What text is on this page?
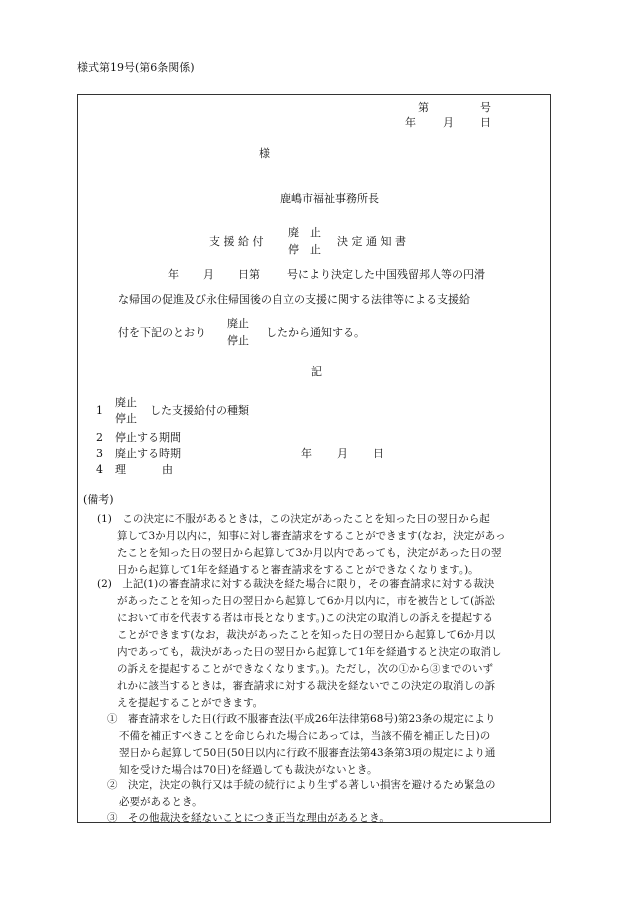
様式第19号(第6条関係)
第	号
年 月 日
様
鹿嶋市福祉事務所長
支 援 給 付
廃　止
停　止
決 定 通 知 書
年 月 日第 号により決定した中国残留邦人等の円滑
な帰国の促進及び永住帰国後の自立の支援に関する法律等による支援給
付を下記のとおり
廃止
停止
したから通知する。
記
1
廃止
停止
した支援給付の種類
2 停止する期間
3 廃止する時期	年 月 日
4 理	由
(備考)
(1)　この決定に不服があるときは，この決定があったことを知った日の翌日から起
算して3か月以内に，知事に対し審査請求をすることができます(なお，決定があっ
たことを知った日の翌日から起算して3か月以内であっても，決定があった日の翌
日から起算して1年を経過すると審査請求をすることができなくなります。)。
(2)　上記(1)の審査請求に対する裁決を経た場合に限り，その審査請求に対する裁決
があったことを知った日の翌日から起算して6か月以内に，市を被告として(訴訟
において市を代表する者は市長となります。)この決定の取消しの訴えを提起する
ことができます(なお，裁決があったことを知った日の翌日から起算して6か月以
内であっても，裁決があった日の翌日から起算して1年を経過すると決定の取消し
の訴えを提起することができなくなります。)。ただし，次の①から③までのいず
れかに該当するときは，審査請求に対する裁決を経ないでこの決定の取消しの訴
えを提起することができます。
①　審査請求をした日(行政不服審査法(平成26年法律第68号)第23条の規定により
不備を補正すべきことを命じられた場合にあっては，当該不備を補正した日)の
翌日から起算して50日(50日以内に行政不服審査法第43条第3項の規定により通
知を受けた場合は70日)を経過しても裁決がないとき。
②　決定，決定の執行又は手続の続行により生ずる著しい損害を避けるため緊急の
必要があるとき。
③　その他裁決を経ないことにつき正当な理由があるとき。
